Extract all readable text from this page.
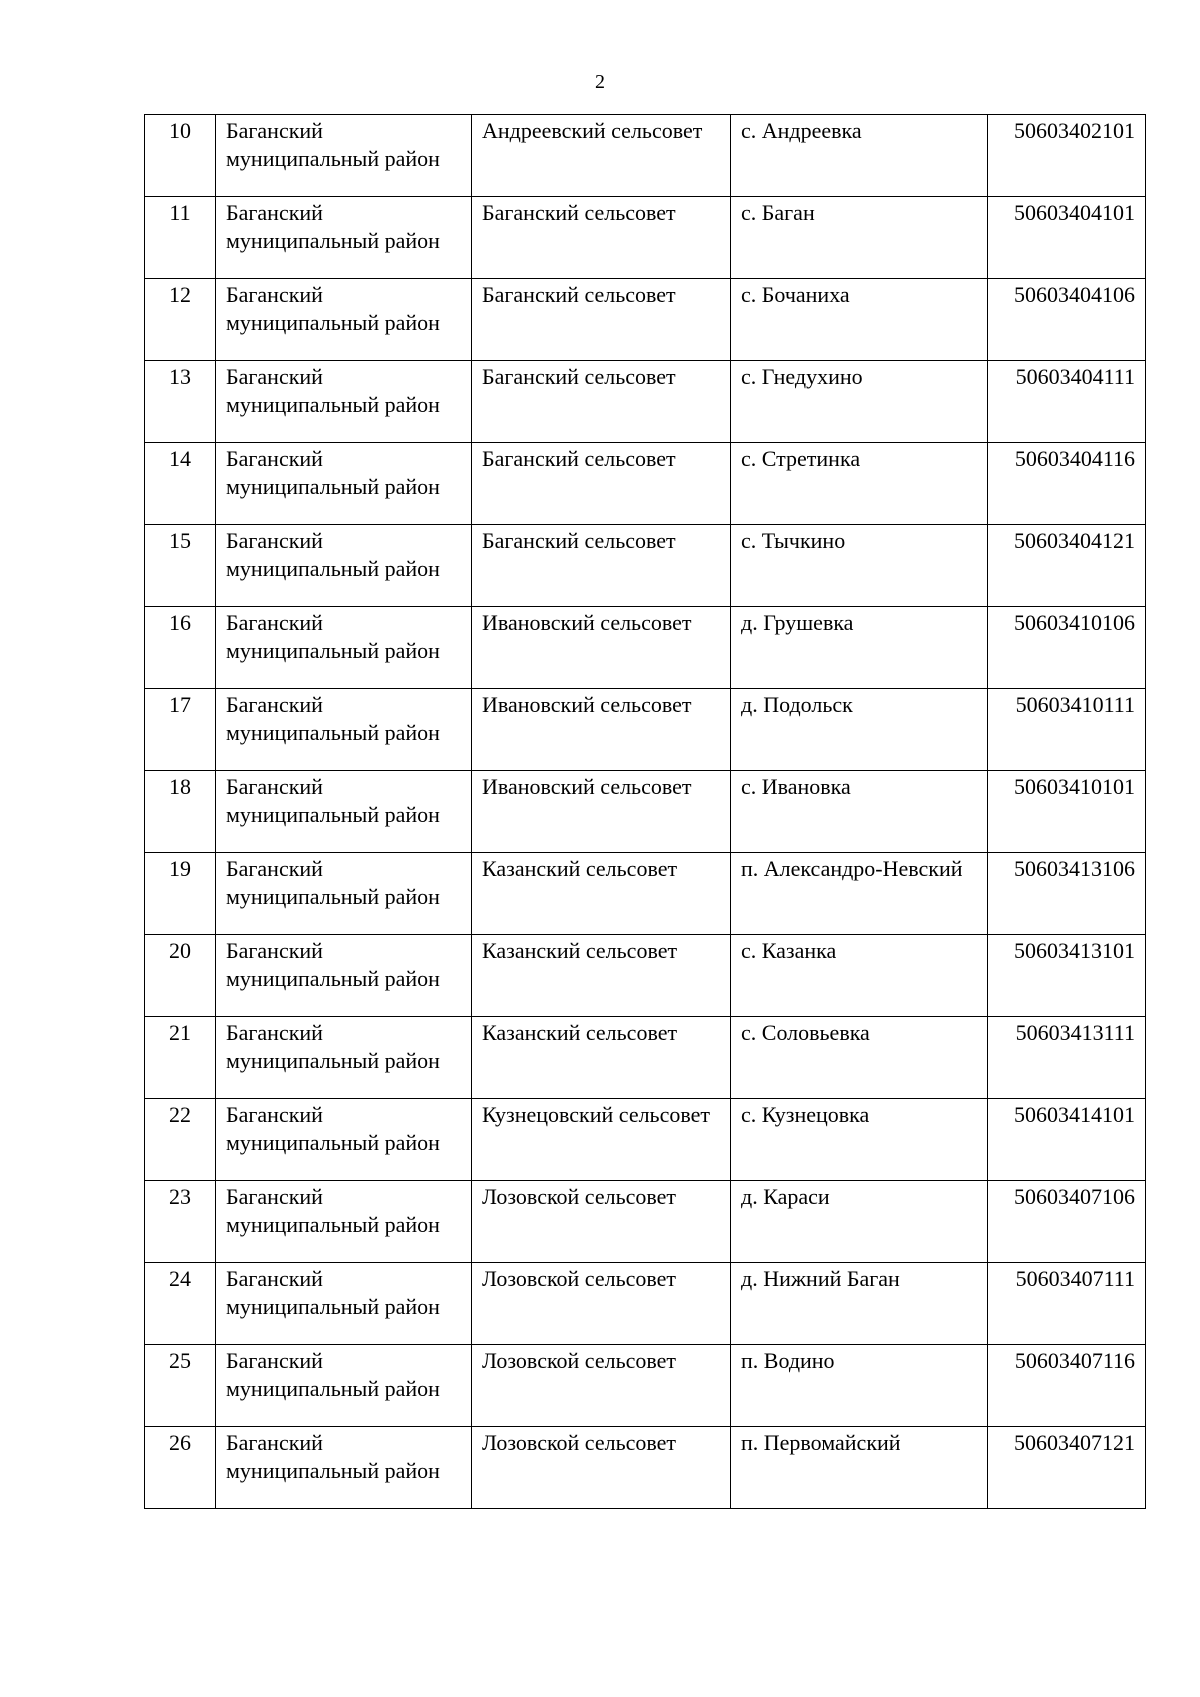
2
10	Баганский муниципальный район	Андреевский сельсовет	с. Андреевка	50603402101
11	Баганский муниципальный район	Баганский сельсовет	с. Баган	50603404101
12	Баганский муниципальный район	Баганский сельсовет	с. Бочаниха	50603404106
13	Баганский муниципальный район	Баганский сельсовет	с. Гнедухино	50603404111
14	Баганский муниципальный район	Баганский сельсовет	с. Стретинка	50603404116
15	Баганский муниципальный район	Баганский сельсовет	с. Тычкино	50603404121
16	Баганский муниципальный район	Ивановский сельсовет	д. Грушевка	50603410106
17	Баганский муниципальный район	Ивановский сельсовет	д. Подольск	50603410111
18	Баганский муниципальный район	Ивановский сельсовет	с. Ивановка	50603410101
19	Баганский муниципальный район	Казанский сельсовет	п. Александро-Невский	50603413106
20	Баганский муниципальный район	Казанский сельсовет	с. Казанка	50603413101
21	Баганский муниципальный район	Казанский сельсовет	с. Соловьевка	50603413111
22	Баганский муниципальный район	Кузнецовский сельсовет	с. Кузнецовка	50603414101
23	Баганский муниципальный район	Лозовской сельсовет	д. Караси	50603407106
24	Баганский муниципальный район	Лозовской сельсовет	д. Нижний Баган	50603407111
25	Баганский муниципальный район	Лозовской сельсовет	п. Водино	50603407116
26	Баганский муниципальный район	Лозовской сельсовет	п. Первомайский	50603407121
